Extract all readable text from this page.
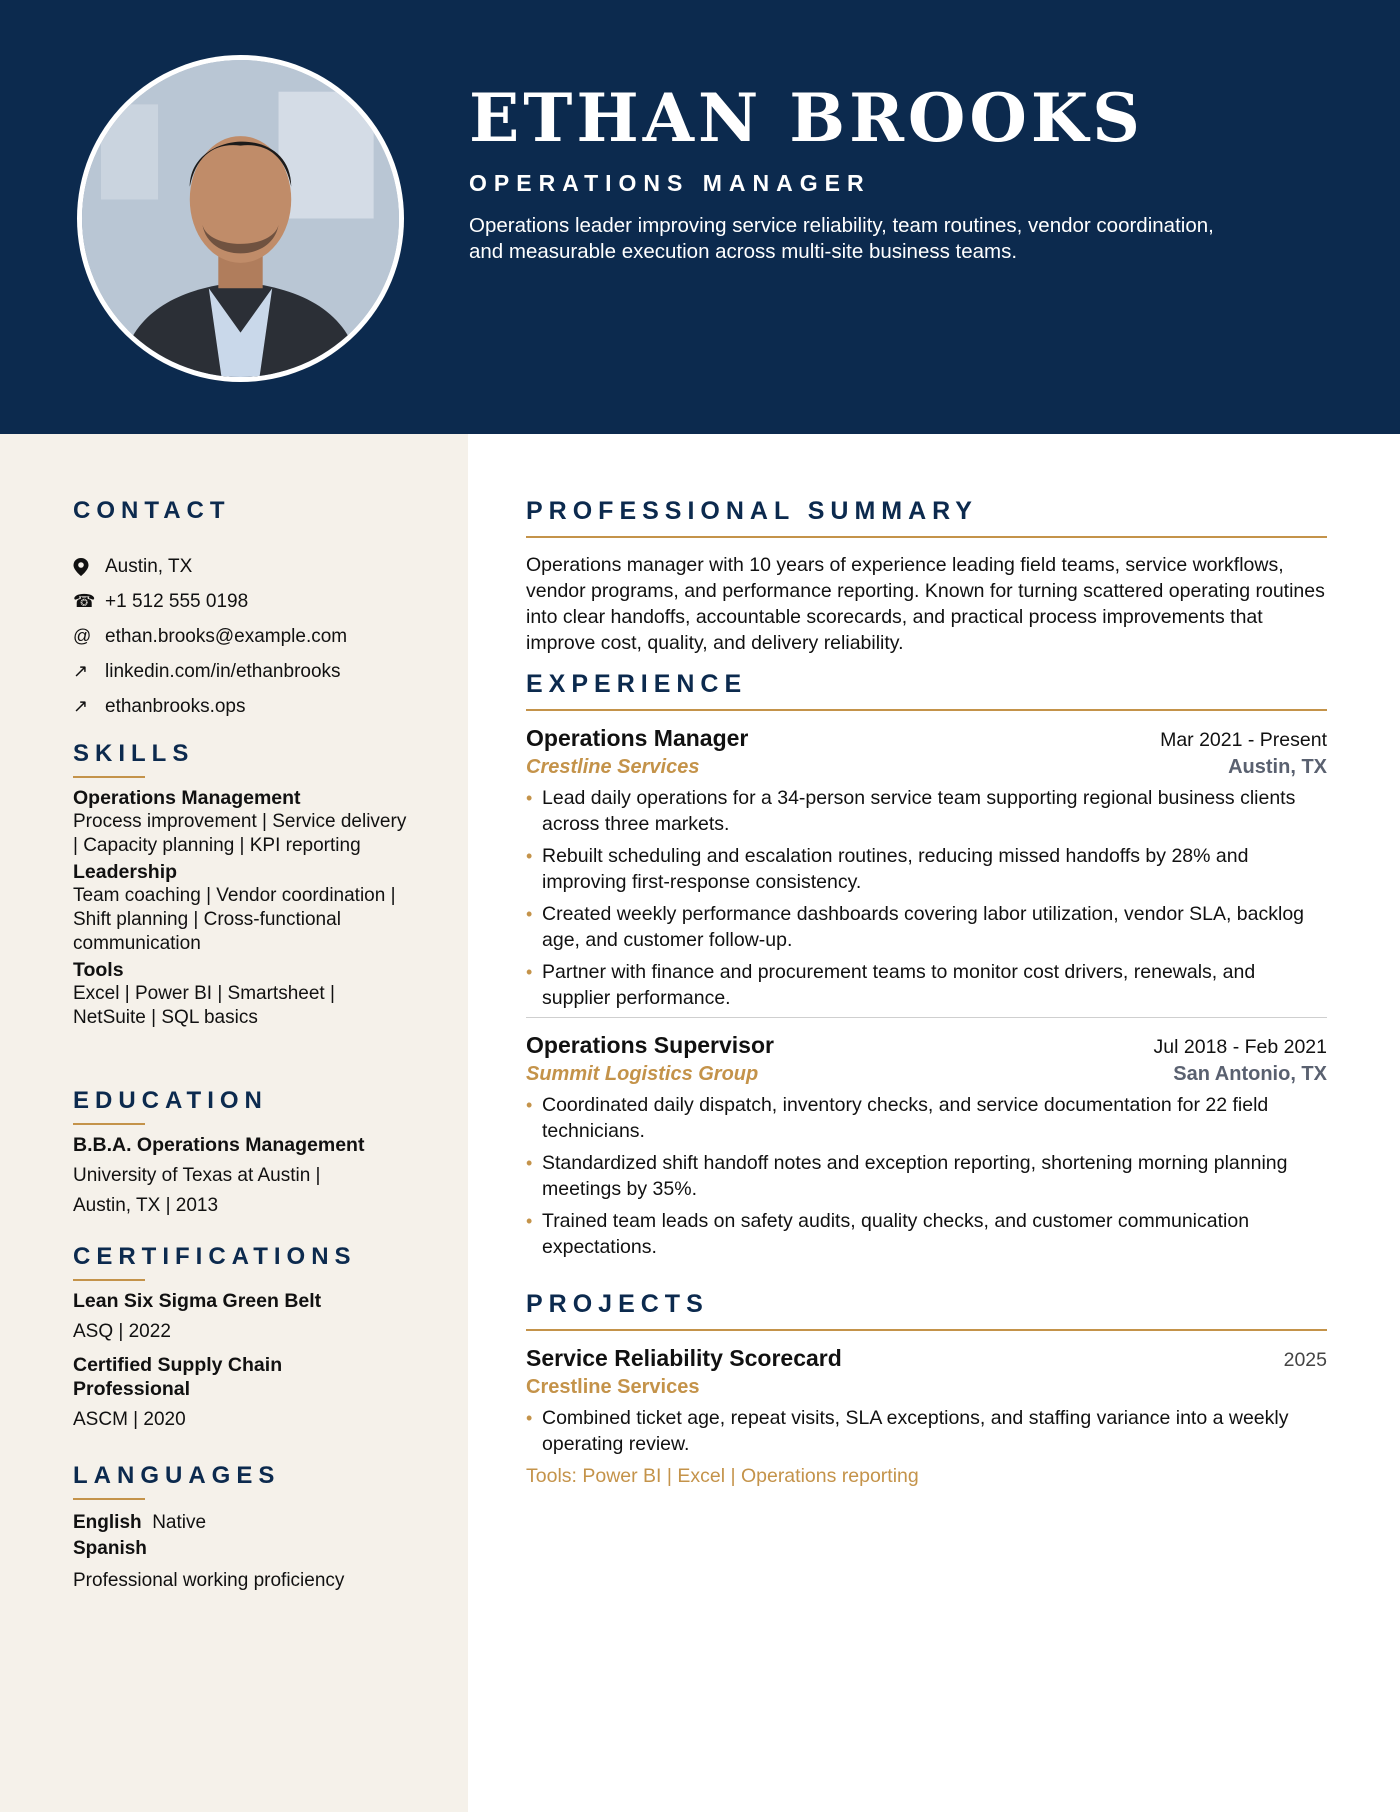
ETHAN BROOKS
OPERATIONS MANAGER
Operations leader improving service reliability, team routines, vendor coordination, and measurable execution across multi-site business teams.
CONTACT
Austin, TX
☎ +1 512 555 0198
@ ethan.brooks@example.com
↗ linkedin.com/in/ethanbrooks
↗ ethanbrooks.ops
SKILLS
Operations Management
Process improvement | Service delivery | Capacity planning | KPI reporting
Leadership
Team coaching | Vendor coordination | Shift planning | Cross-functional communication
Tools
Excel | Power BI | Smartsheet | NetSuite | SQL basics
EDUCATION
B.B.A. Operations Management
University of Texas at Austin |
Austin, TX | 2013
CERTIFICATIONS
Lean Six Sigma Green Belt
ASQ | 2022
Certified Supply Chain Professional
ASCM | 2020
LANGUAGES
English Native
Spanish
Professional working proficiency
PROFESSIONAL SUMMARY
Operations manager with 10 years of experience leading field teams, service workflows, vendor programs, and performance reporting. Known for turning scattered operating routines into clear handoffs, accountable scorecards, and practical process improvements that improve cost, quality, and delivery reliability.
EXPERIENCE
Operations Manager	Mar 2021 - Present
Crestline Services	Austin, TX
• Lead daily operations for a 34-person service team supporting regional business clients across three markets.
• Rebuilt scheduling and escalation routines, reducing missed handoffs by 28% and improving first-response consistency.
• Created weekly performance dashboards covering labor utilization, vendor SLA, backlog age, and customer follow-up.
• Partner with finance and procurement teams to monitor cost drivers, renewals, and supplier performance.
Operations Supervisor	Jul 2018 - Feb 2021
Summit Logistics Group	San Antonio, TX
• Coordinated daily dispatch, inventory checks, and service documentation for 22 field technicians.
• Standardized shift handoff notes and exception reporting, shortening morning planning meetings by 35%.
• Trained team leads on safety audits, quality checks, and customer communication expectations.
PROJECTS
Service Reliability Scorecard	2025
Crestline Services
• Combined ticket age, repeat visits, SLA exceptions, and staffing variance into a weekly operating review.
Tools: Power BI | Excel | Operations reporting
